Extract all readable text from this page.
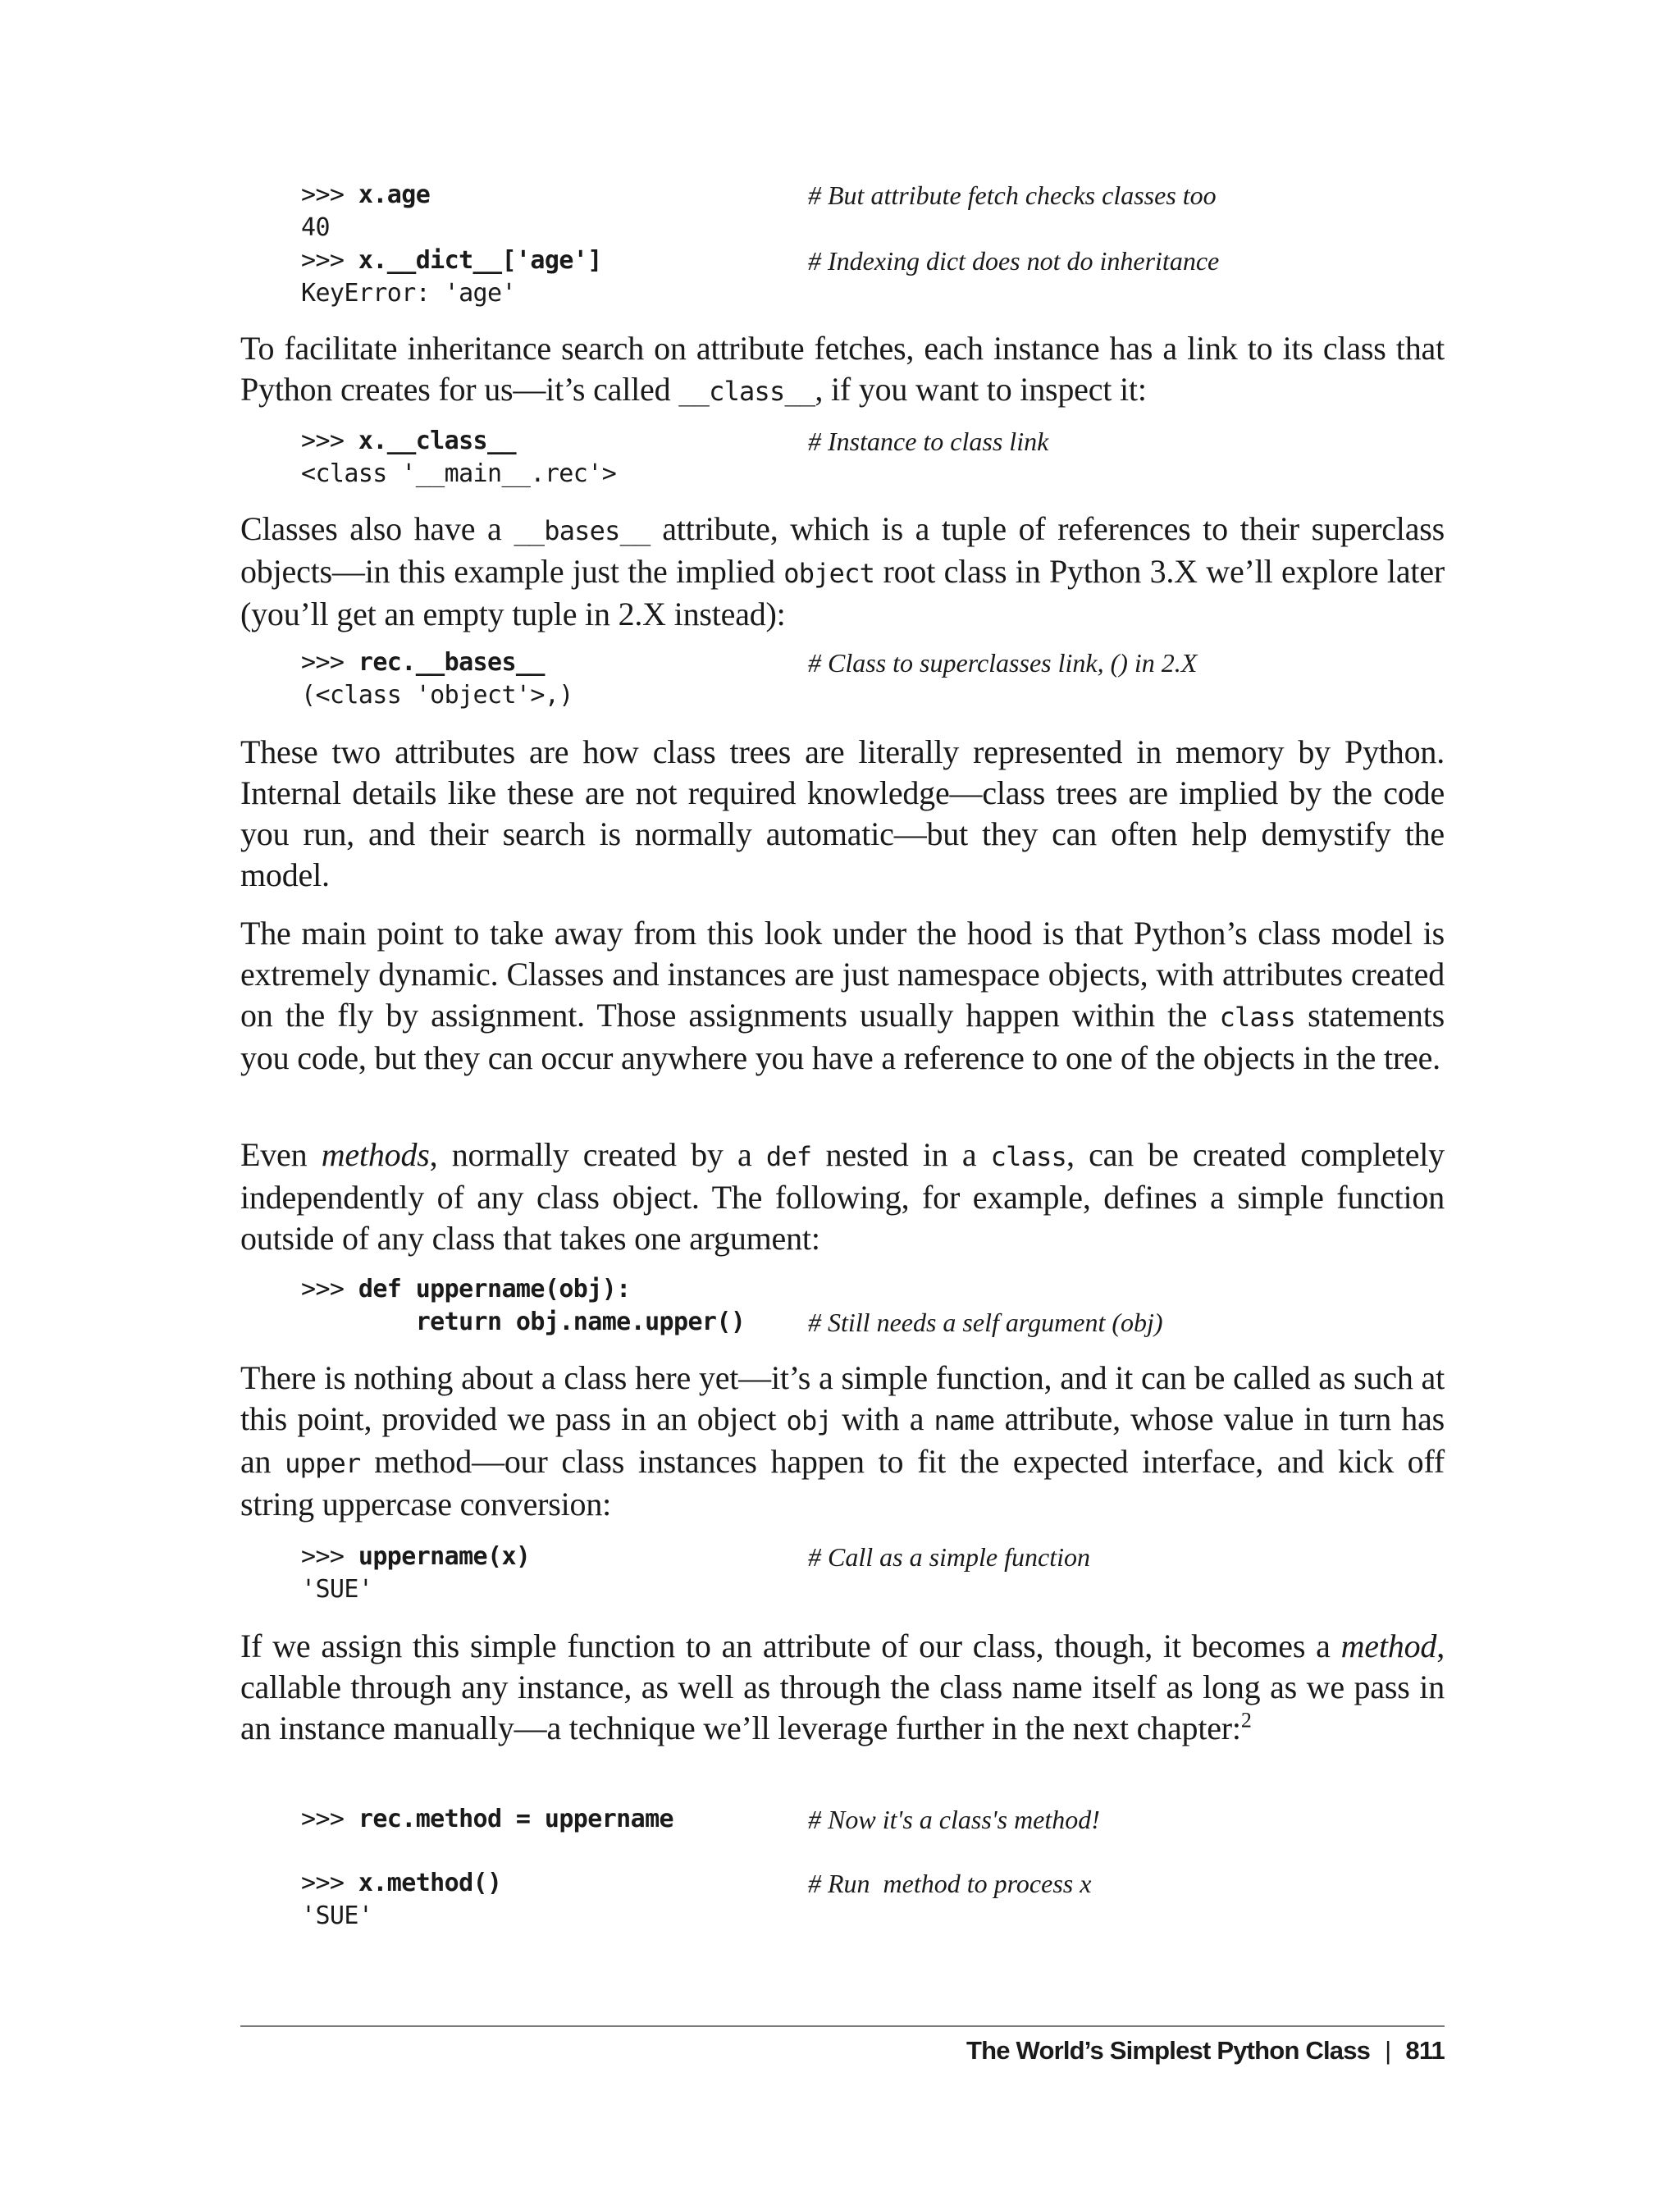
>>> x.age	# But attribute fetch checks classes too
40
>>> x.__dict__['age']	# Indexing dict does not do inheritance
KeyError: 'age'
To facilitate inheritance search on attribute fetches, each instance has a link to its class that Python creates for us—it’s called __class__, if you want to inspect it:
>>> x.__class__	# Instance to class link
<class '__main__.rec'>
Classes also have a __bases__ attribute, which is a tuple of references to their superclass objects—in this example just the implied object root class in Python 3.X we’ll explore later (you’ll get an empty tuple in 2.X instead):
>>> rec.__bases__	# Class to superclasses link, () in 2.X
(<class 'object'>,)
These two attributes are how class trees are literally represented in memory by Python. Internal details like these are not required knowledge—class trees are implied by the code you run, and their search is normally automatic—but they can often help demystify the model.
The main point to take away from this look under the hood is that Python’s class model is extremely dynamic. Classes and instances are just namespace objects, with attributes created on the fly by assignment. Those assignments usually happen within the class statements you code, but they can occur anywhere you have a reference to one of the objects in the tree.
Even methods, normally created by a def nested in a class, can be created completely independently of any class object. The following, for example, defines a simple function outside of any class that takes one argument:
>>> def uppername(obj):
return obj.name.upper() # Still needs a self argument (obj)
There is nothing about a class here yet—it’s a simple function, and it can be called as such at this point, provided we pass in an object obj with a name attribute, whose value in turn has an upper method—our class instances happen to fit the expected interface, and kick off string uppercase conversion:
>>> uppername(x)	# Call as a simple function
'SUE'
If we assign this simple function to an attribute of our class, though, it becomes a method, callable through any instance, as well as through the class name itself as long as we pass in an instance manually—a technique we’ll leverage further in the next chapter:$^2$
>>> rec.method = uppername	# Now it's a class's method!
>>> x.method()	# Run  method to process x
'SUE'
The World’s Simplest Python Class | 811
